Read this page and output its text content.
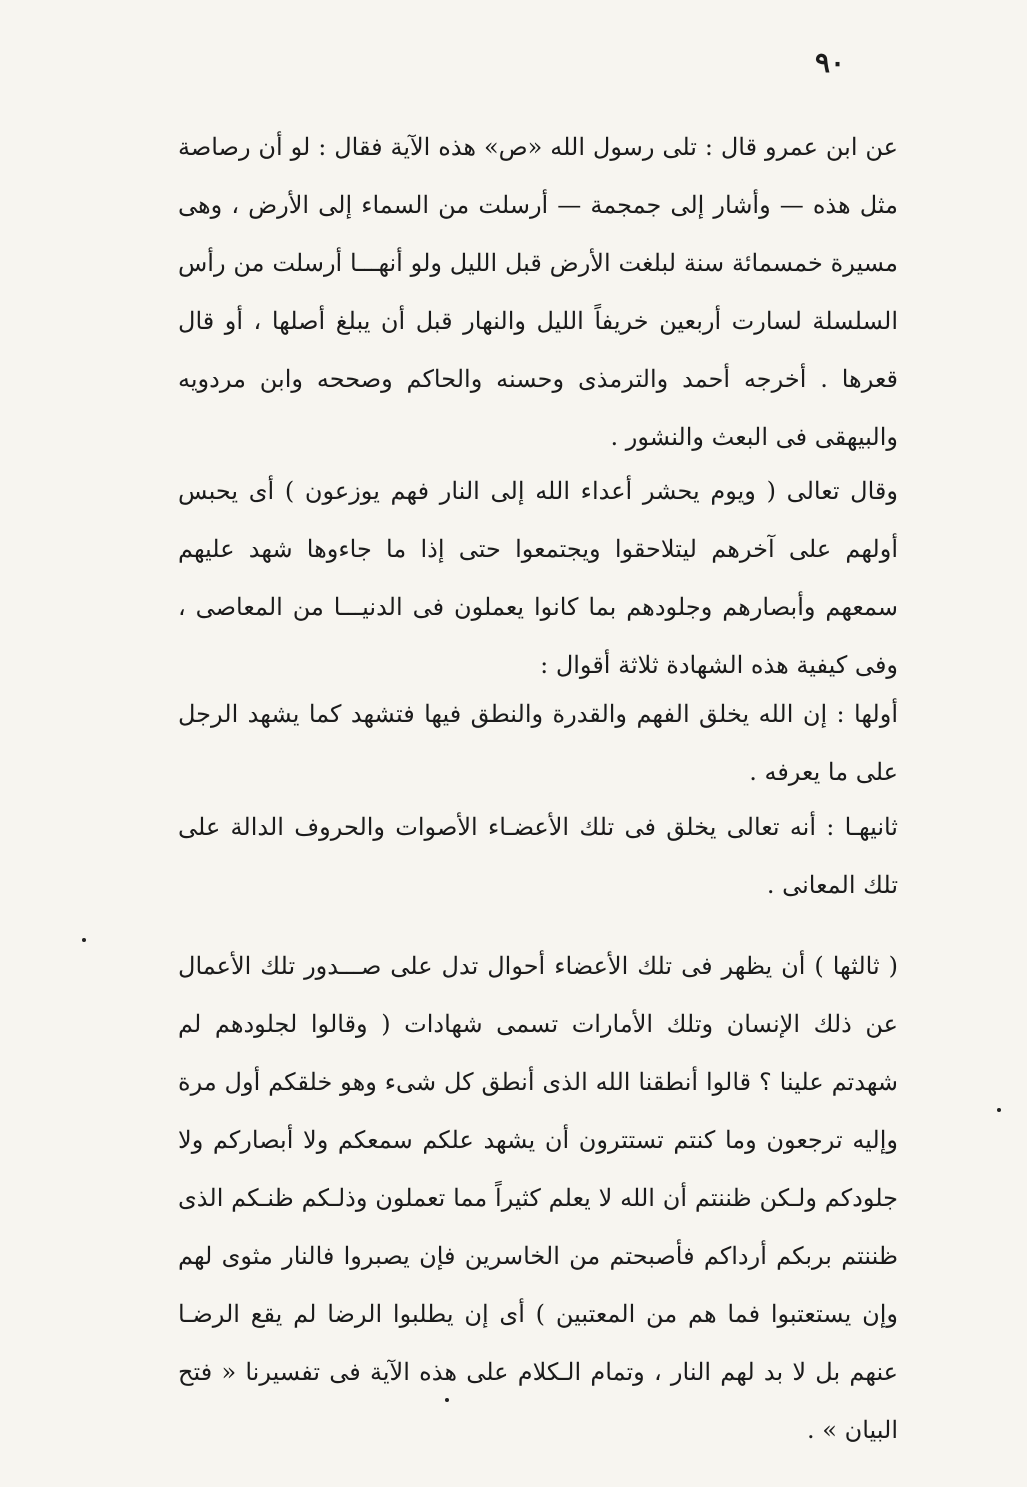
٩٠

عن ابن عمرو قال : تلى رسول الله «ص» هذه الآية فقال : لو أن رصاصة مثل هذه — وأشار إلى جمجمة — أرسلت من السماء إلى الأرض ، وهى مسيرة خمسمائة سنة لبلغت الأرض قبل الليل ولو أنهـــا أرسلت من رأس السلسلة لسارت أربعين خريفاً الليل والنهار قبل أن يبلغ أصلها ، أو قال قعرها . أخرجه أحمد والترمذى وحسنه والحاكم وصححه وابن مردويه والبيهقى فى البعث والنشور .

وقال تعالى ( ويوم يحشر أعداء الله إلى النار فهم يوزعون ) أى يحبس أولهم على آخرهم ليتلاحقوا ويجتمعوا حتى إذا ما جاءوها شهد عليهم سمعهم وأبصارهم وجلودهم بما كانوا يعملون فى الدنيـــا من المعاصى ، وفى كيفية هذه الشهادة ثلاثة أقوال :

أولها : إن الله يخلق الفهم والقدرة والنطق فيها فتشهد كما يشهد الرجل على ما يعرفه .

ثانيهـا : أنه تعالى يخلق فى تلك الأعضـاء الأصوات والحروف الدالة على تلك المعانى .

( ثالثها ) أن يظهر فى تلك الأعضاء أحوال تدل على صـــدور تلك الأعمال عن ذلك الإنسان وتلك الأمارات تسمى شهادات ( وقالوا لجلودهم لم شهدتم علينا ؟ قالوا أنطقنا الله الذى أنطق كل شىء وهو خلقكم أول مرة وإليه ترجعون وما كنتم تستترون أن يشهد علكم سمعكم ولا أبصاركم ولا جلودكم ولـكن ظننتم أن الله لا يعلم كثيراً مما تعملون وذلـكم ظنـكم الذى ظننتم بربكم أرداكم فأصبحتم من الخاسرين فإن يصبروا فالنار مثوى لهم وإن يستعتبوا فما هم من المعتبين ) أى إن يطلبوا الرضا لم يقع الرضـا عنهم بل لا بد لهم النار ، وتمام الـكلام على هذه الآية فى تفسيرنا « فتح البيان » .
